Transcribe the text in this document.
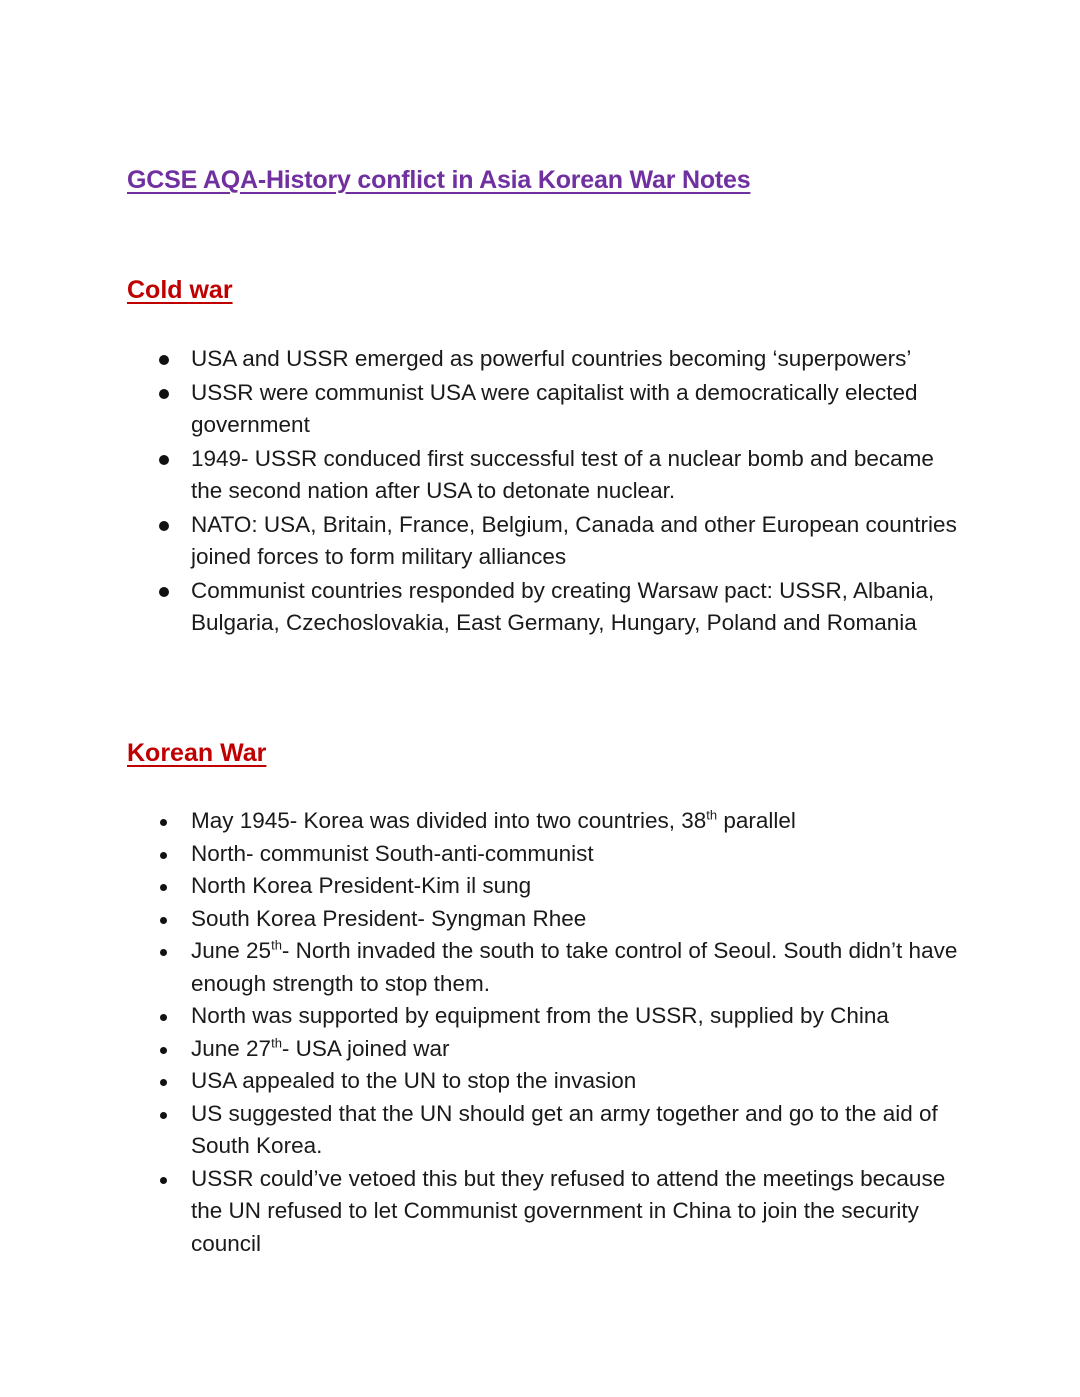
GCSE AQA-History conflict in Asia Korean War Notes
Cold war
USA and USSR emerged as powerful countries becoming ‘superpowers’
USSR were communist USA were capitalist with a democratically elected government
1949- USSR conduced first successful test of a nuclear bomb and became the second nation after USA to detonate nuclear.
NATO: USA, Britain, France, Belgium, Canada and other European countries joined forces to form military alliances
Communist countries responded by creating Warsaw pact: USSR, Albania, Bulgaria, Czechoslovakia, East Germany, Hungary, Poland and Romania
Korean War
May 1945- Korea was divided into two countries, 38th parallel
North- communist South-anti-communist
North Korea President-Kim il sung
South Korea President- Syngman Rhee
June 25th- North invaded the south to take control of Seoul. South didn’t have enough strength to stop them.
North was supported by equipment from the USSR, supplied by China
June 27th- USA joined war
USA appealed to the UN to stop the invasion
US suggested that the UN should get an army together and go to the aid of South Korea.
USSR could’ve vetoed this but they refused to attend the meetings because the UN refused to let Communist government in China to join the security council
